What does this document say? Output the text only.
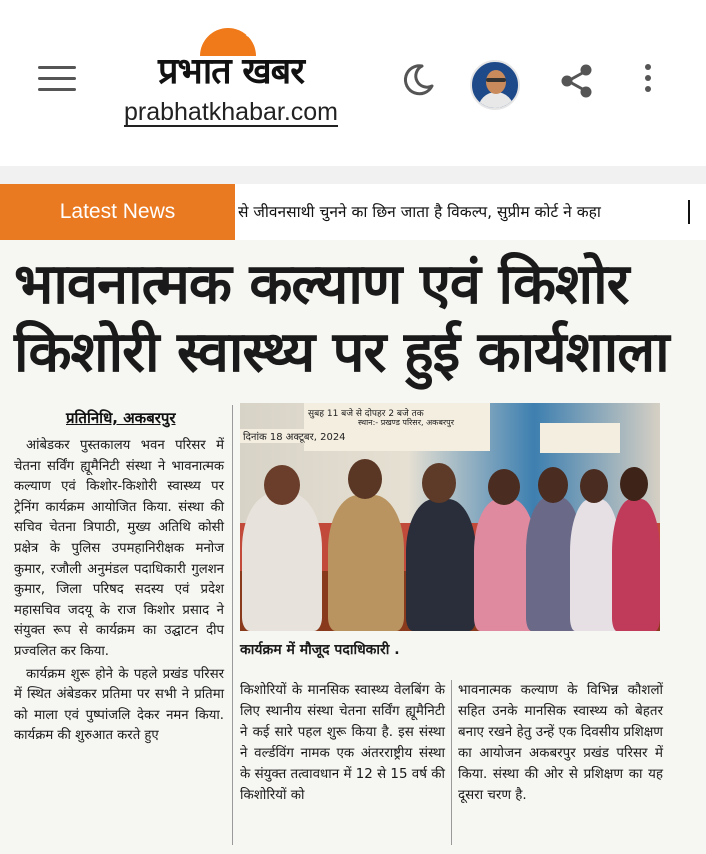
प्रभात खबर
prabhatkhabar.com
Latest News	से जीवनसाथी चुनने का छिन जाता है विकल्प, सुप्रीम कोर्ट ने कहा
भावनात्मक कल्याण एवं किशोर
किशोरी स्वास्थ्य पर हुई कार्यशाला
प्रतिनिधि, अकबरपुर

आंबेडकर पुस्तकालय भवन परिसर में चेतना सर्विंग ह्यूमैनिटी संस्था ने भावनात्मक कल्याण एवं किशोर-किशोरी स्वास्थ्य पर ट्रेनिंग कार्यक्रम आयोजित किया. संस्था की सचिव चेतना त्रिपाठी, मुख्य अतिथि कोसी प्रक्षेत्र के पुलिस उपमहानिरीक्षक मनोज कुमार, रजौली अनुमंडल पदाधिकारी गुलशन कुमार, जिला परिषद सदस्य एवं प्रदेश महासचिव जदयू के राज किशोर प्रसाद ने संयुक्त रूप से कार्यक्रम का उद्घाटन दीप प्रज्वलित कर किया.

कार्यक्रम शुरू होने के पहले प्रखंड परिसर में स्थित अंबेडकर प्रतिमा पर सभी ने प्रतिमा को माला एवं पुष्पांजलि देकर नमन किया. कार्यक्रम की शुरुआत करते हुए

सुबह 11 बजे से दोपहर 2 बजे तक
स्थान:- प्रखण्ड परिसर, अकबरपुर
दिनांक 18 अक्टूबर, 2024
कार्यक्रम में मौजूद पदाधिकारी .
किशोरियों के मानसिक स्वास्थ्य वेलबिंग के लिए स्थानीय संस्था चेतना सर्विंग ह्यूमैनिटी ने कई सारे पहल शुरू किया है. इस संस्था ने वर्ल्डविंग नामक एक अंतरराष्ट्रीय संस्था के संयुक्त तत्वावधान में 12 से 15 वर्ष की किशोरियों को
भावनात्मक कल्याण के विभिन्न कौशलों सहित उनके मानसिक स्वास्थ्य को बेहतर बनाए रखने हेतु उन्हें एक दिवसीय प्रशिक्षण का आयोजन अकबरपुर प्रखंड परिसर में किया. संस्था की ओर से प्रशिक्षण का यह दूसरा चरण है.
